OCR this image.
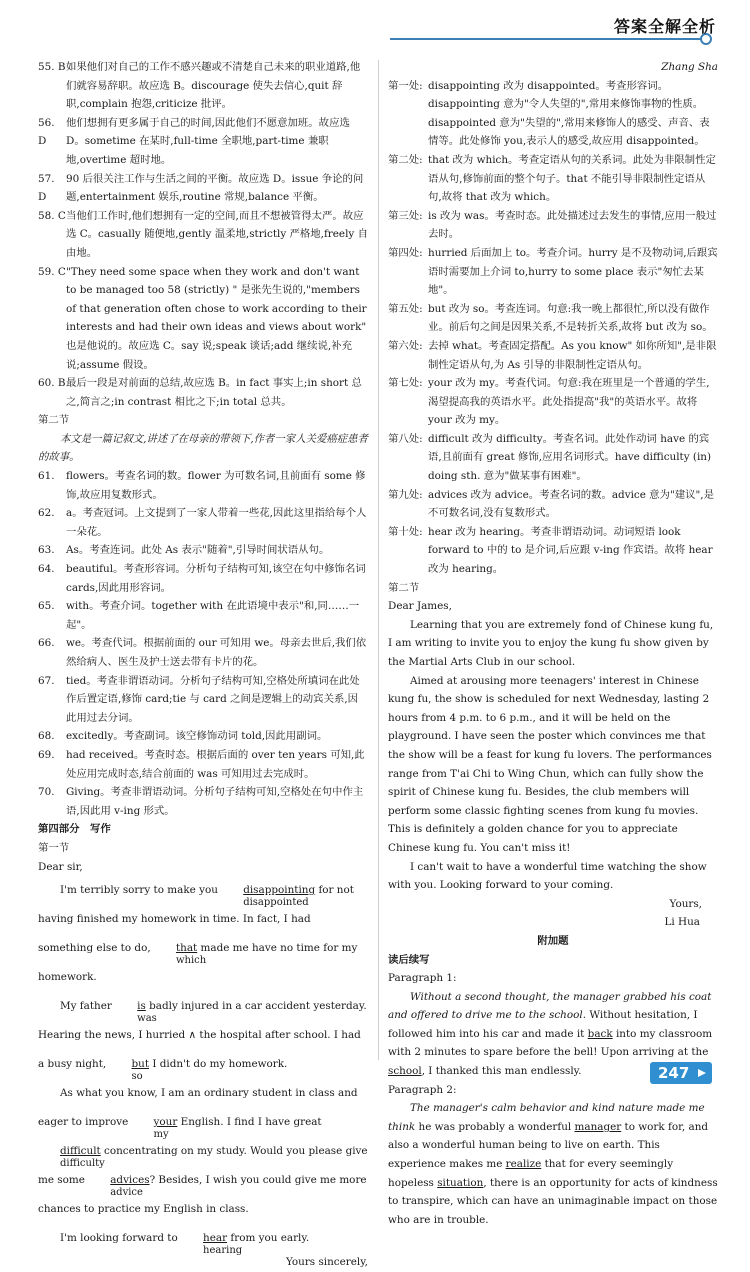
答案全解全析
55. B 如果他们对自己的工作不感兴趣或不清楚自己未来的职业道路,他们就容易辞职。故应选 B。discourage 使失去信心,quit 辞职,complain 抱怨,criticize 批评。
56. D
他们想拥有更多属于自己的时间,因此他们不愿意加班。故应选 D。sometime 在某时,full-time 全职地,part-time 兼职地,overtime 超时地。
57. D
90 后很关注工作与生活之间的平衡。故应选 D。issue 争论的问题,entertainment 娱乐,routine 常规,balance 平衡。
58. C 当他们工作时,他们想拥有一定的空间,而且不想被管得太严。故应选 C。casually 随便地,gently 温柔地,strictly 严格地,freely 自由地。
59. C "They need some space when they work and don't want to be managed too 58 (strictly) " 是张先生说的,"members of that generation often chose to work according to their interests and had their own ideas and views about work" 也是他说的。故应选 C。say 说;speak 谈话;add 继续说,补充说;assume 假设。
60. B 最后一段是对前面的总结,故应选 B。in fact 事实上;in short 总之,简言之;in contrast 相比之下;in total 总共。
第二节
本文是一篇记叙文,讲述了在母亲的带领下,作者一家人关爱癌症患者的故事。
61.	flowers。考查名词的数。flower 为可数名词,且前面有 some 修饰,故应用复数形式。
62.	a。考查冠词。上文提到了一家人带着一些花,因此这里指给每个人一朵花。
63.	As。考查连词。此处 As 表示"随着",引导时间状语从句。
64.	beautiful。考查形容词。分析句子结构可知,该空在句中修饰名词 cards,因此用形容词。
65.	with。考查介词。together with 在此语境中表示"和,同……一起"。
66.	we。考查代词。根据前面的 our 可知用 we。母亲去世后,我们依然给病人、医生及护士送去带有卡片的花。
67.	tied。考查非谓语动词。分析句子结构可知,空格处所填词在此处作后置定语,修饰 card;tie 与 card 之间是逻辑上的动宾关系,因此用过去分词。
68.	excitedly。考查副词。该空修饰动词 told,因此用副词。
69.	had received。考查时态。根据后面的 over ten years 可知,此处应用完成时态,结合前面的 was 可知用过去完成时。
70.	Giving。考查非谓语动词。分析句子结构可知,空格处在句中作主语,因此用 v-ing 形式。
第四部分　写作
第一节

Dear sir,

I'm terribly sorry to make you disappointing
disappointed
for not having finished my homework in time. In fact, I had something else to do, that
which
made me have no time for my homework.

My father is
was
badly injured in a car accident yesterday. Hearing the news, I hurried ∧ the hospital after school. I had a busy night, but
so
I didn't do my homework.

As what you know, I am an ordinary student in class and eager to improve your
my
English. I find I have great difficult
difficulty
concentrating on my study. Would you please give me some advices
advice
? Besides, I wish you could give me more chances to practice my English in class.

I'm looking forward to hear
hearing
from you early.

Yours sincerely,

Zhang Sha
第一处: disappointing 改为 disappointed。考查形容词。disappointing 意为"令人失望的",常用来修饰事物的性质。disappointed 意为"失望的",常用来修饰人的感受、声音、表情等。此处修饰 you,表示人的感受,故应用 disappointed。
第二处: that 改为 which。考查定语从句的关系词。此处为非限制性定语从句,修饰前面的整个句子。that 不能引导非限制性定语从句,故将 that 改为 which。
第三处: is 改为 was。考查时态。此处描述过去发生的事情,应用一般过去时。
第四处: hurried 后面加上 to。考查介词。hurry 是不及物动词,后跟宾语时需要加上介词 to,hurry to some place 表示"匆忙去某地"。
第五处: but 改为 so。考查连词。句意:我一晚上都很忙,所以没有做作业。前后句之间是因果关系,不是转折关系,故将 but 改为 so。
第六处: 去掉 what。考查固定搭配。As you know" 如你所知",是非限制性定语从句,为 As 引导的非限制性定语从句。
第七处: your 改为 my。考查代词。句意:我在班里是一个普通的学生,渴望提高我的英语水平。此处指提高"我"的英语水平。故将 your 改为 my。
第八处: difficult 改为 difficulty。考查名词。此处作动词 have 的宾语,且前面有 great 修饰,应用名词形式。have difficulty (in) doing sth. 意为"做某事有困难"。
第九处: advices 改为 advice。考查名词的数。advice 意为"建议",是不可数名词,没有复数形式。
第十处: hear 改为 hearing。考查非谓语动词。动词短语 look forward to 中的 to 是介词,后应跟 v-ing 作宾语。故将 hear 改为 hearing。
第二节
Dear James,
Learning that you are extremely fond of Chinese kung fu, I am writing to invite you to enjoy the kung fu show given by the Martial Arts Club in our school.
Aimed at arousing more teenagers' interest in Chinese kung fu, the show is scheduled for next Wednesday, lasting 2 hours from 4 p.m. to 6 p.m., and it will be held on the playground. I have seen the poster which convinces me that the show will be a feast for kung fu lovers. The performances range from T'ai Chi to Wing Chun, which can fully show the spirit of Chinese kung fu. Besides, the club members will perform some classic fighting scenes from kung fu movies. This is definitely a golden chance for you to appreciate Chinese kung fu. You can't miss it!
I can't wait to have a wonderful time watching the show with you. Looking forward to your coming.
Yours,
Li Hua
附加题
读后续写
Paragraph 1:
Without a second thought, the manager grabbed his coat and offered to drive me to the school. Without hesitation, I followed him into his car and made it back into my classroom with 2 minutes to spare before the bell! Upon arriving at the school, I thanked this man endlessly.
Paragraph 2:
The manager's calm behavior and kind nature made me think he was probably a wonderful manager to work for, and also a wonderful human being to live on earth. This experience makes me realize that for every seemingly hopeless situation, there is an opportunity for acts of kindness to transpire, which can have an unimaginable impact on those who are in trouble.
247
